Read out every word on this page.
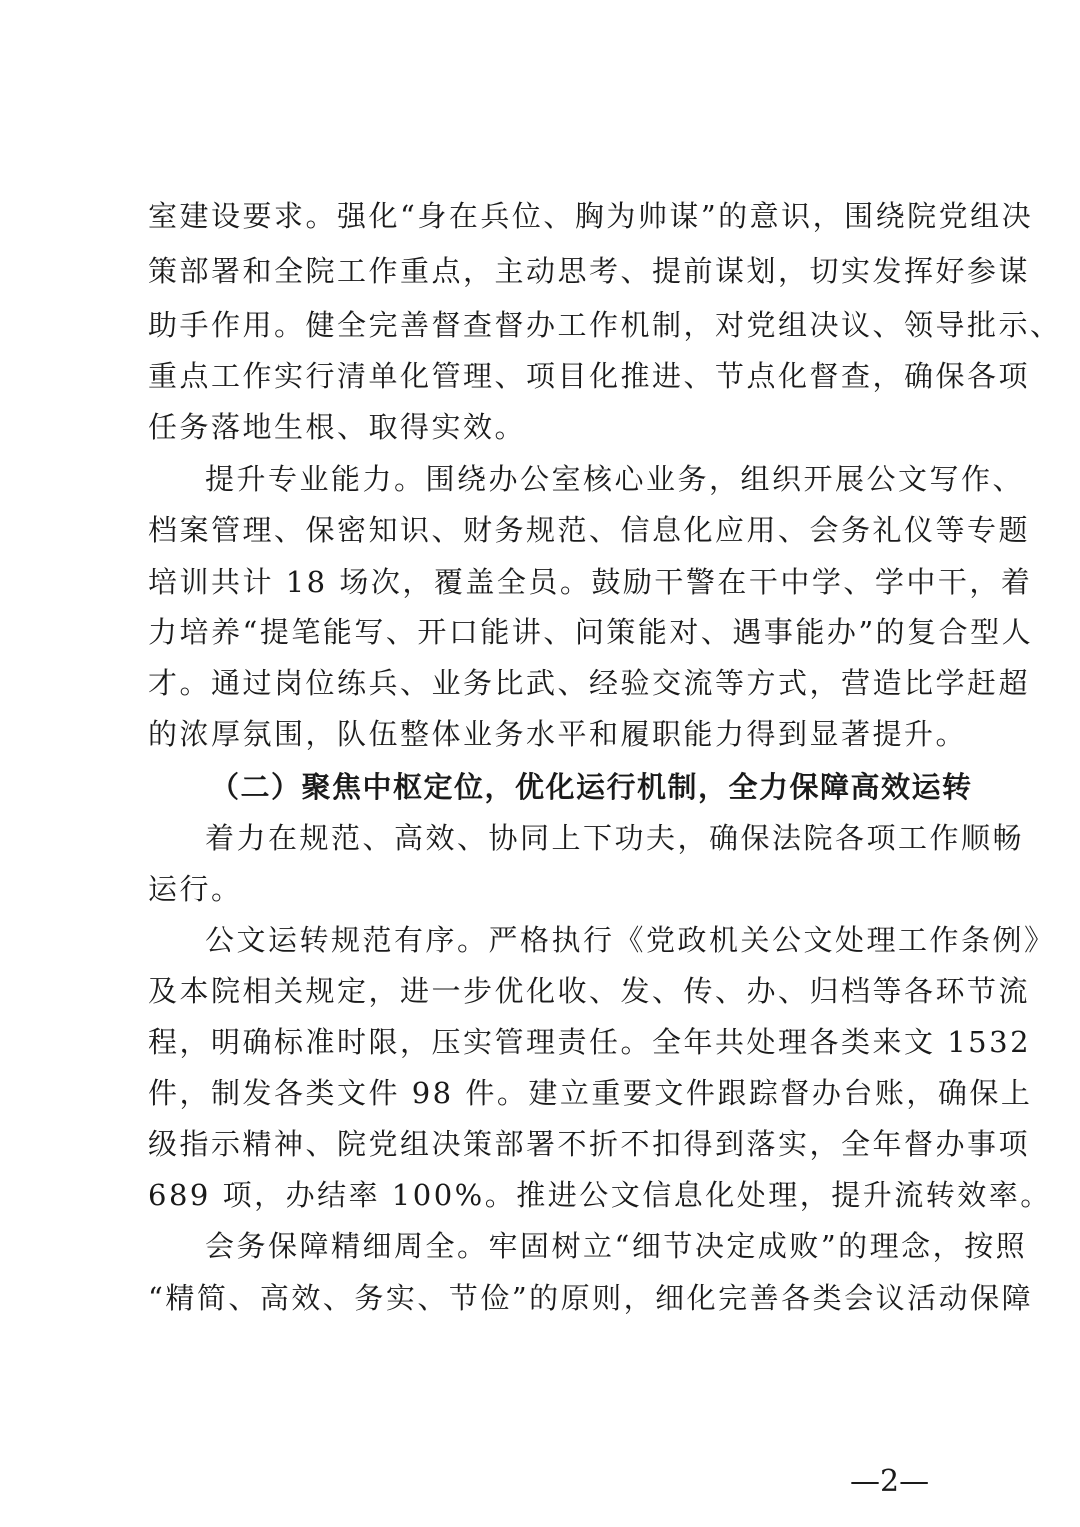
室建设要求。强化“身在兵位、胸为帅谋”的意识，围绕院党组决
策部署和全院工作重点，主动思考、提前谋划，切实发挥好参谋
助手作用。健全完善督查督办工作机制，对党组决议、领导批示、
重点工作实行清单化管理、项目化推进、节点化督查，确保各项
任务落地生根、取得实效。
提升专业能力。围绕办公室核心业务，组织开展公文写作、
档案管理、保密知识、财务规范、信息化应用、会务礼仪等专题
培训共计 18 场次，覆盖全员。鼓励干警在干中学、学中干，着
力培养“提笔能写、开口能讲、问策能对、遇事能办”的复合型人
才。通过岗位练兵、业务比武、经验交流等方式，营造比学赶超
的浓厚氛围，队伍整体业务水平和履职能力得到显著提升。
（二）聚焦中枢定位，优化运行机制，全力保障高效运转
着力在规范、高效、协同上下功夫，确保法院各项工作顺畅
运行。
公文运转规范有序。严格执行《党政机关公文处理工作条例》
及本院相关规定，进一步优化收、发、传、办、归档等各环节流
程，明确标准时限，压实管理责任。全年共处理各类来文 1532
件，制发各类文件 98 件。建立重要文件跟踪督办台账，确保上
级指示精神、院党组决策部署不折不扣得到落实，全年督办事项
689 项，办结率 100%。推进公文信息化处理，提升流转效率。
会务保障精细周全。牢固树立“细节决定成败”的理念，按照
“精简、高效、务实、节俭”的原则，细化完善各类会议活动保障
—2—
